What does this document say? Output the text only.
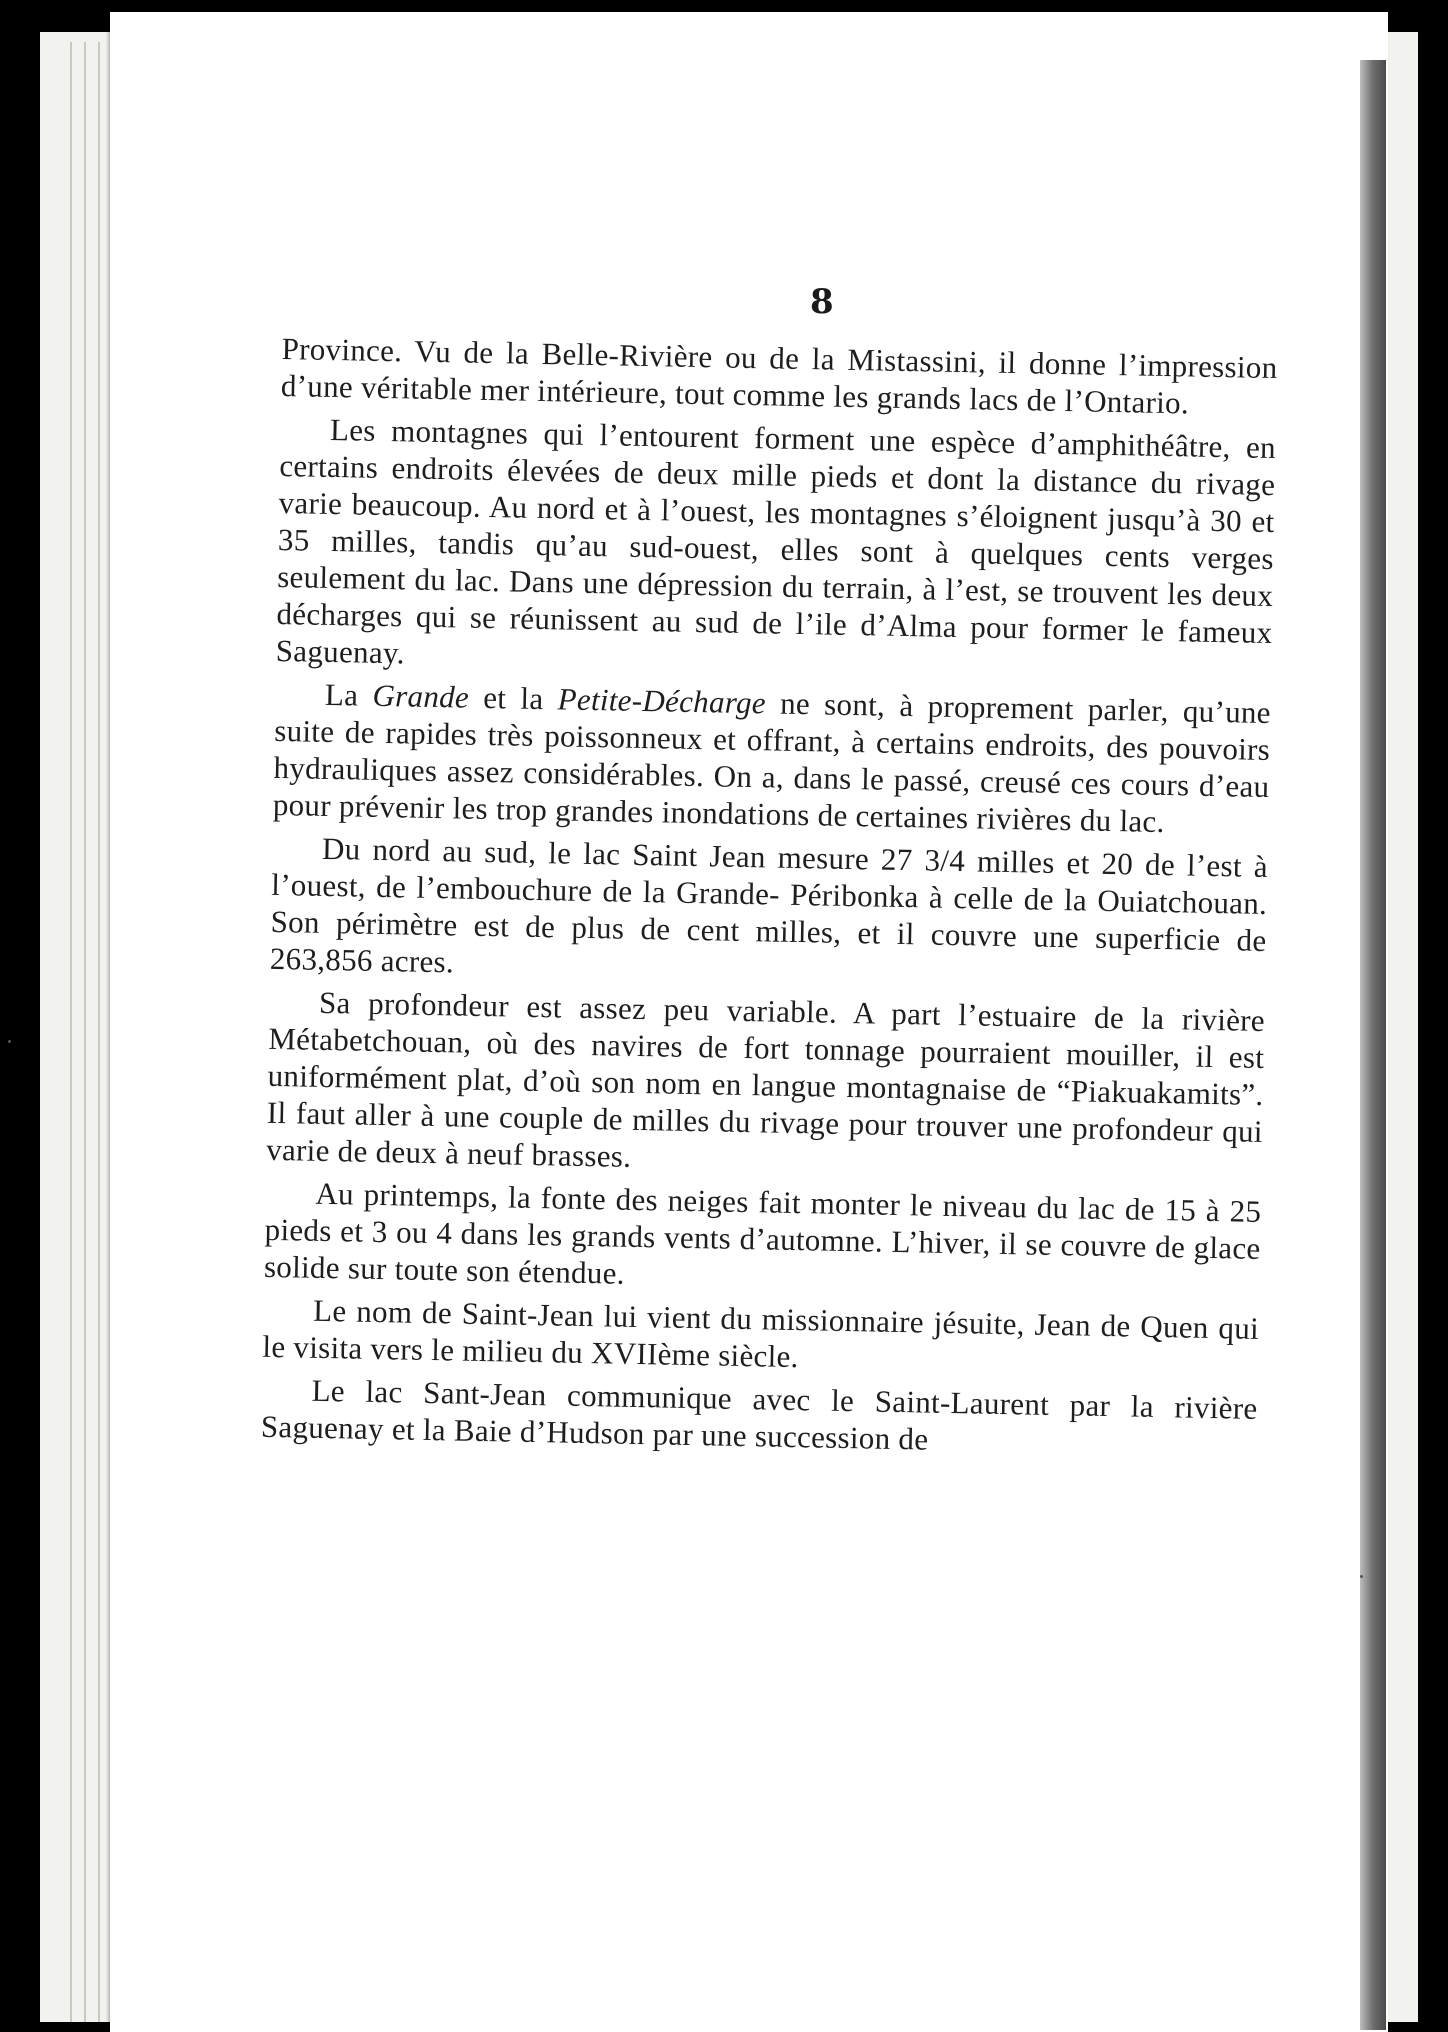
8

Province. Vu de la Belle-Rivière ou de la Mistassini, il donne l’impression d’une véritable mer intérieure, tout comme les grands lacs de l’Ontario.

Les montagnes qui l’entourent forment une espèce d’amphithéâtre, en certains endroits élevées de deux mille pieds et dont la distance du rivage varie beaucoup. Au nord et à l’ouest, les montagnes s’éloignent jusqu’à 30 et 35 milles, tandis qu’au sud-ouest, elles sont à quelques cents verges seulement du lac. Dans une dépression du terrain, à l’est, se trouvent les deux décharges qui se réunissent au sud de l’ile d’Alma pour former le fameux Saguenay.

La Grande et la Petite-Décharge ne sont, à proprement parler, qu’une suite de rapides très poissonneux et offrant, à certains endroits, des pouvoirs hydrauliques assez considérables. On a, dans le passé, creusé ces cours d’eau pour prévenir les trop grandes inondations de certaines rivières du lac.

Du nord au sud, le lac Saint Jean mesure 27 3/4 milles et 20 de l’est à l’ouest, de l’embouchure de la Grande- Péribonka à celle de la Ouiatchouan. Son périmètre est de plus de cent milles, et il couvre une superficie de 263,856 acres.

Sa profondeur est assez peu variable. A part l’estuaire de la rivière Métabetchouan, où des navires de fort tonnage pourraient mouiller, il est uniformément plat, d’où son nom en langue montagnaise de “Piakuakamits”. Il faut aller à une couple de milles du rivage pour trouver une profondeur qui varie de deux à neuf brasses.

Au printemps, la fonte des neiges fait monter le niveau du lac de 15 à 25 pieds et 3 ou 4 dans les grands vents d’automne. L’hiver, il se couvre de glace solide sur toute son étendue.

Le nom de Saint-Jean lui vient du missionnaire jésuite, Jean de Quen qui le visita vers le milieu du XVIIème siècle.

Le lac Sant-Jean communique avec le Saint-Laurent par la rivière Saguenay et la Baie d’Hudson par une succession de
